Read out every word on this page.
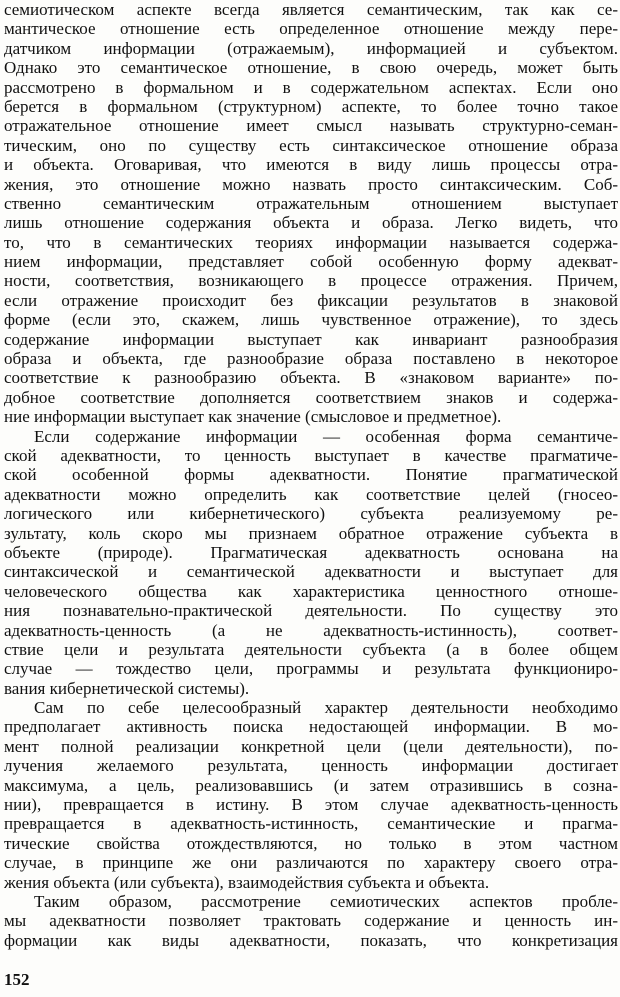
семиотическом аспекте всегда является семантическим, так как се-
мантическое отношение есть определенное отношение между пере-
датчиком информации (отражаемым), информацией и субъектом.
Однако это семантическое отношение, в свою очередь, может быть
рассмотрено в формальном и в содержательном аспектах. Если оно
берется в формальном (структурном) аспекте, то более точно такое
отражательное отношение имеет смысл называть структурно-семан-
тическим, оно по существу есть синтаксическое отношение образа
и объекта. Оговаривая, что имеются в виду лишь процессы отра-
жения, это отношение можно назвать просто синтаксическим. Соб-
ственно семантическим отражательным отношением выступает
лишь отношение содержания объекта и образа. Легко видеть, что
то, что в семантических теориях информации называется содержа-
нием информации, представляет собой особенную форму адекват-
ности, соответствия, возникающего в процессе отражения. Причем,
если отражение происходит без фиксации результатов в знаковой
форме (если это, скажем, лишь чувственное отражение), то здесь
содержание информации выступает как инвариант разнообразия
образа и объекта, где разнообразие образа поставлено в некоторое
соответствие к разнообразию объекта. В «знаковом варианте» по-
добное соответствие дополняется соответствием знаков и содержа-
ние информации выступает как значение (смысловое и предметное).
Если содержание информации — особенная форма семантиче-
ской адекватности, то ценность выступает в качестве прагматиче-
ской особенной формы адекватности. Понятие прагматической
адекватности можно определить как соответствие целей (гносео-
логического или кибернетического) субъекта реализуемому ре-
зультату, коль скоро мы признаем обратное отражение субъекта в
объекте (природе). Прагматическая адекватность основана на
синтаксической и семантической адекватности и выступает для
человеческого общества как характеристика ценностного отноше-
ния познавательно-практической деятельности. По существу это
адекватность-ценность (а не адекватность-истинность), соответ-
ствие цели и результата деятельности субъекта (а в более общем
случае — тождество цели, программы и результата функциониро-
вания кибернетической системы).
Сам по себе целесообразный характер деятельности необходимо
предполагает активность поиска недостающей информации. В мо-
мент полной реализации конкретной цели (цели деятельности), по-
лучения желаемого результата, ценность информации достигает
максимума, а цель, реализовавшись (и затем отразившись в созна-
нии), превращается в истину. В этом случае адекватность-ценность
превращается в адекватность-истинность, семантические и прагма-
тические свойства отождествляются, но только в этом частном
случае, в принципе же они различаются по характеру своего отра-
жения объекта (или субъекта), взаимодействия субъекта и объекта.
Таким образом, рассмотрение семиотических аспектов пробле-
мы адекватности позволяет трактовать содержание и ценность ин-
формации как виды адекватности, показать, что конкретизация
152
